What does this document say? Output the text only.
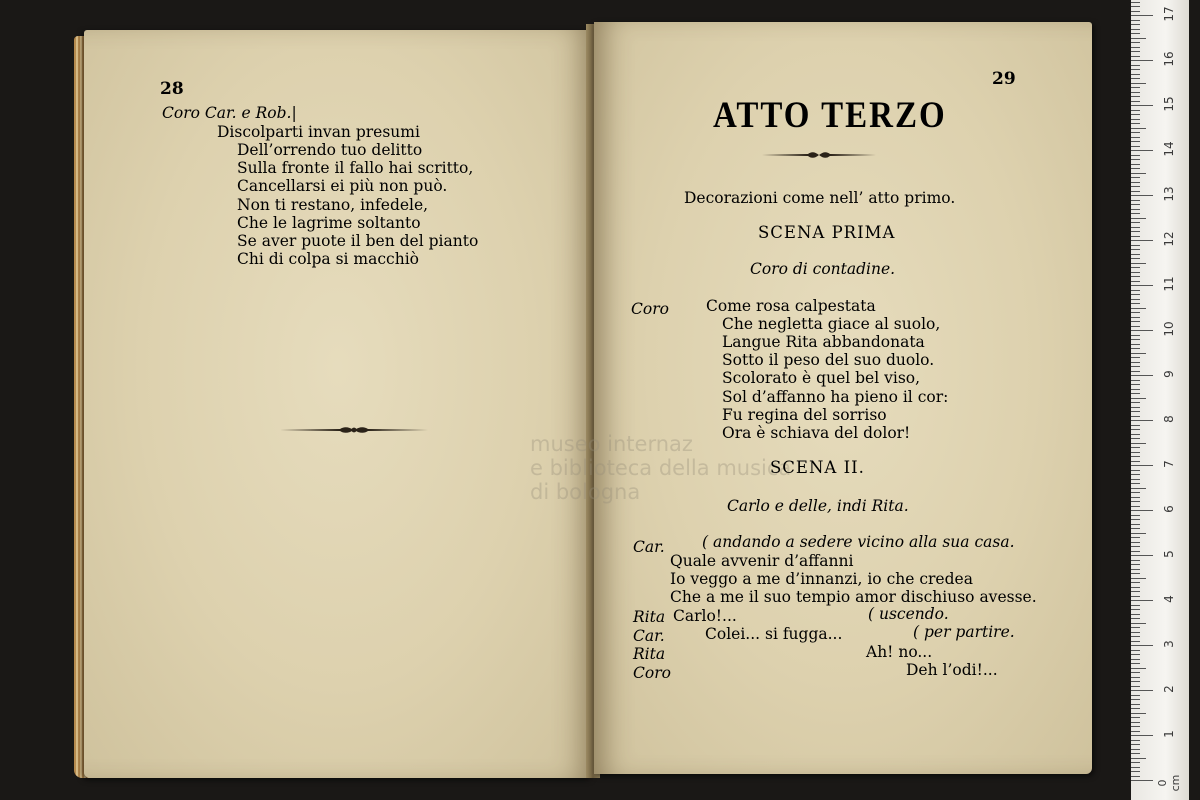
museo internaz
e biblioteca della musica
di bologna
28
Coro Car. e Rob.|
Discolparti invan presumi
Dell’orrendo tuo delitto
Sulla fronte il fallo hai scritto,
Cancellarsi ei più non può.
Non ti restano, infedele,
Che le lagrime soltanto
Se aver puote il ben del pianto
Chi di colpa si macchiò
29
ATTO TERZO
Decorazioni come nell’ atto primo.
SCENA PRIMA
Coro di contadine.
Coro Come rosa calpestata
Che negletta giace al suolo,
Langue Rita abbandonata
Sotto il peso del suo duolo.
Scolorato è quel bel viso,
Sol d’affanno ha pieno il cor:
Fu regina del sorriso
Ora è schiava del dolor!
SCENA II.
Carlo e delle, indi Rita.
Car. ( andando a sedere vicino alla sua casa.
Quale avvenir d’affanni
Io veggo a me d’innanzi, io che credea
Che a me il suo tempio amor dischiuso avesse.
Rita Carlo!...	( uscendo.
Car.	Colei... si fugga...	( per partire.
Rita	Ah! no...
Coro	Deh l’odi!...
1
2
3
4
5
6
7
8
9
10
11
12
13
14
15
16
17
0 cm
